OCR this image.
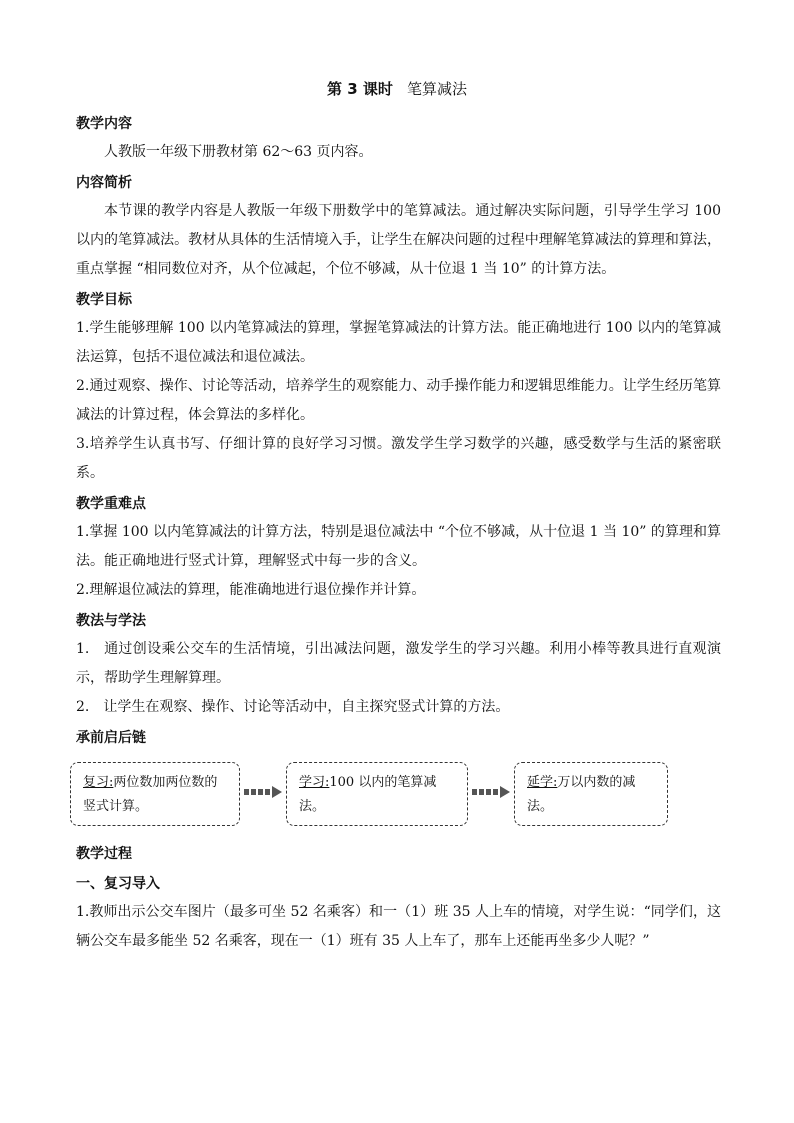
第 3 课时 笔算减法
教学内容

人教版一年级下册教材第 62～63 页内容。

内容简析

本节课的教学内容是人教版一年级下册数学中的笔算减法。通过解决实际问题，引导学生学习 100 以内的笔算减法。教材从具体的生活情境入手，让学生在解决问题的过程中理解笔算减法的算理和算法，重点掌握 “相同数位对齐，从个位减起，个位不够减，从十位退 1 当 10” 的计算方法。

教学目标

1.学生能够理解 100 以内笔算减法的算理，掌握笔算减法的计算方法。能正确地进行 100 以内的笔算减法运算，包括不退位减法和退位减法。

2.通过观察、操作、讨论等活动，培养学生的观察能力、动手操作能力和逻辑思维能力。让学生经历笔算减法的计算过程，体会算法的多样化。

3.培养学生认真书写、仔细计算的良好学习习惯。激发学生学习数学的兴趣，感受数学与生活的紧密联系。

教学重难点

1.掌握 100 以内笔算减法的计算方法，特别是退位减法中 “个位不够减，从十位退 1 当 10” 的算理和算法。能正确地进行竖式计算，理解竖式中每一步的含义。

2.理解退位减法的算理，能准确地进行退位操作并计算。

教法与学法

1.　通过创设乘公交车的生活情境，引出减法问题，激发学生的学习兴趣。利用小棒等教具进行直观演示，帮助学生理解算理。

2.　让学生在观察、操作、讨论等活动中，自主探究竖式计算的方法。

承前启后链
复习:两位数加两位数的竖式计算。
学习:100 以内的笔算减法。
延学:万以内数的减法。
教学过程
一、复习导入

1.教师出示公交车图片（最多可坐 52 名乘客）和一（1）班 35 人上车的情境，对学生说：“同学们，这辆公交车最多能坐 52 名乘客，现在一（1）班有 35 人上车了，那车上还能再坐多少人呢？”
